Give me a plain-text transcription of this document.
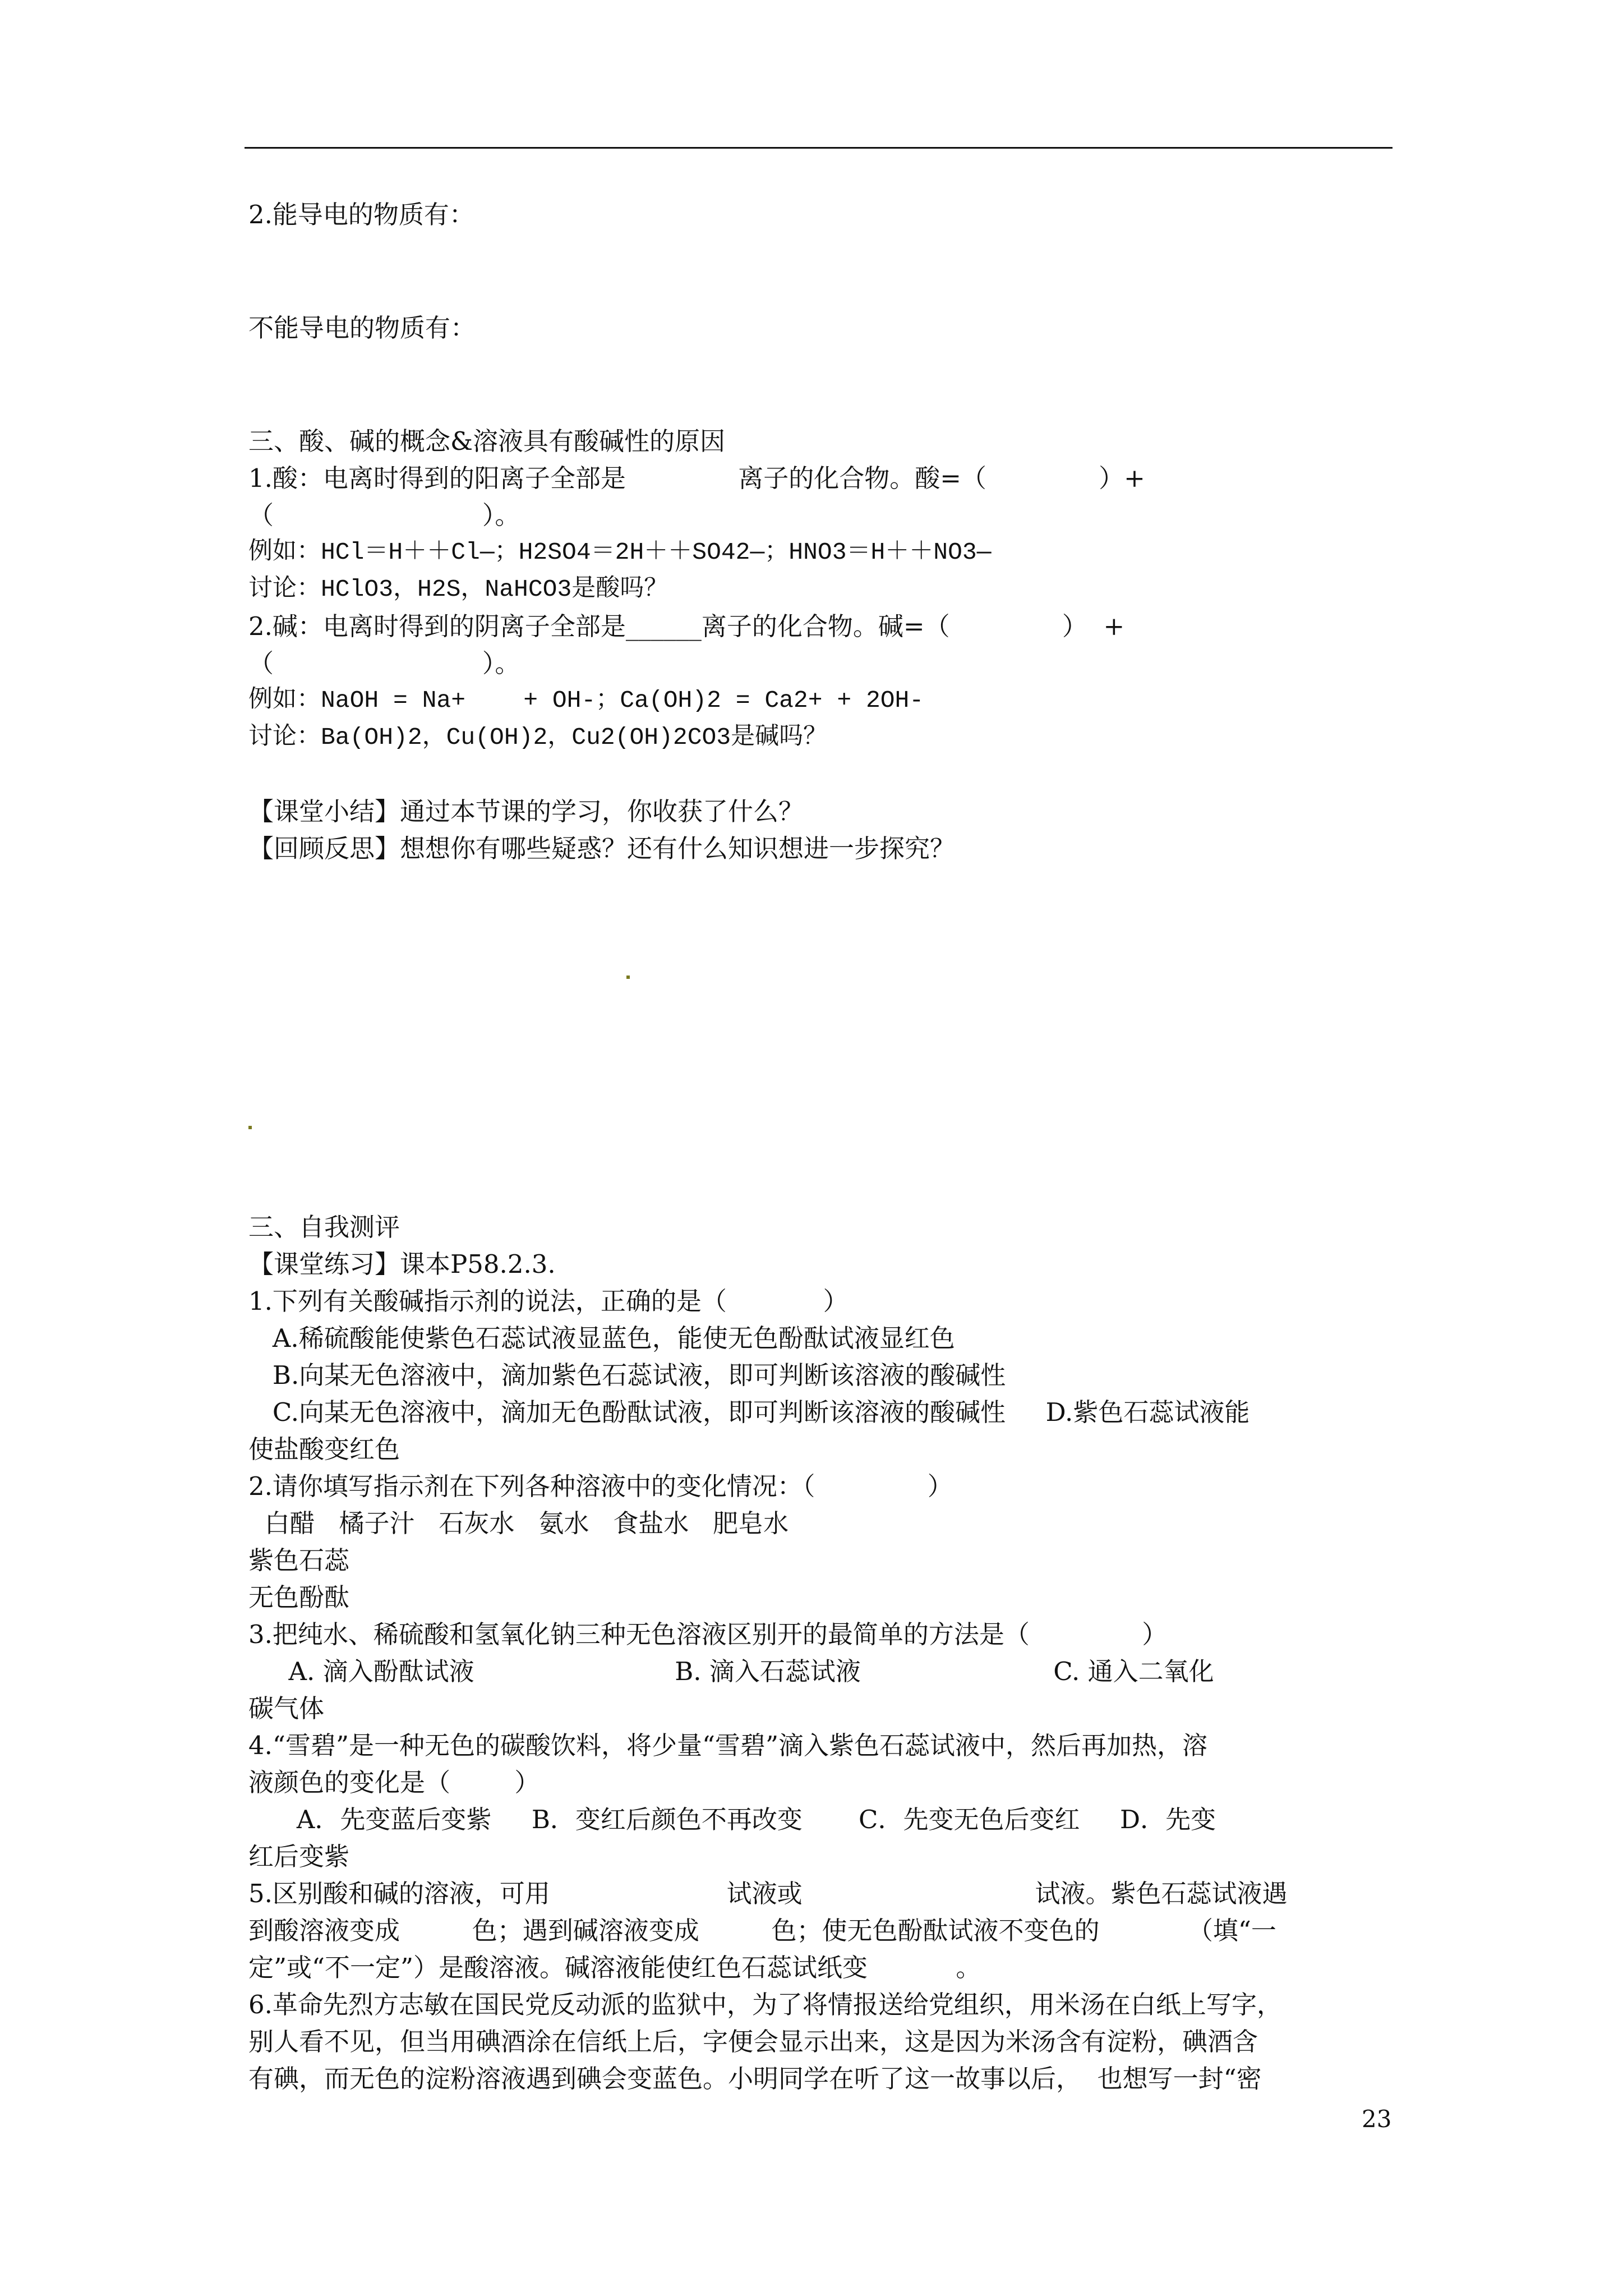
2.能导电的物质有：
不能导电的物质有：
三、酸、碱的概念&溶液具有酸碱性的原因
1.酸：电离时得到的阳离子全部是              离子的化合物。酸=（              ）+
（                          ）。
例如：HCl＝H＋＋Cl—；H2SO4＝2H＋＋SO42—；HNO3＝H＋＋NO3—
讨论：HClO3，H2S，NaHCO3是酸吗？
2.碱：电离时得到的阴离子全部是______离子的化合物。碱=（              ）  +
（                          ）。
例如：NaOH = Na+    + OH-；Ca(OH)2 = Ca2+ + 2OH-
讨论：Ba(OH)2，Cu(OH)2，Cu2(OH)2CO3是碱吗？
【课堂小结】通过本节课的学习，你收获了什么？
【回顾反思】想想你有哪些疑惑？还有什么知识想进一步探究？
三、自我测评
【课堂练习】课本P58.2.3.
1.下列有关酸碱指示剂的说法，正确的是（            ）
A.稀硫酸能使紫色石蕊试液显蓝色，能使无色酚酞试液显红色
B.向某无色溶液中，滴加紫色石蕊试液，即可判断该溶液的酸碱性
C.向某无色溶液中，滴加无色酚酞试液，即可判断该溶液的酸碱性     D.紫色石蕊试液能
使盐酸变红色
2.请你填写指示剂在下列各种溶液中的变化情况：（              ）
白醋   橘子汁   石灰水   氨水   食盐水   肥皂水
紫色石蕊
无色酚酞
3.把纯水、稀硫酸和氢氧化钠三种无色溶液区别开的最简单的方法是（              ）
A. 滴入酚酞试液                         B. 滴入石蕊试液                        C. 通入二氧化
碳气体
4.“雪碧”是一种无色的碳酸饮料，将少量“雪碧”滴入紫色石蕊试液中，然后再加热，溶
液颜色的变化是（        ）
A．先变蓝后变紫     B．变红后颜色不再改变       C．先变无色后变红     D．先变
红后变紫
5.区别酸和碱的溶液，可用                      试液或                             试液。紫色石蕊试液遇
到酸溶液变成         色；遇到碱溶液变成         色；使无色酚酞试液不变色的           （填“一
定”或“不一定”）是酸溶液。碱溶液能使红色石蕊试纸变           。
6.革命先烈方志敏在国民党反动派的监狱中，为了将情报送给党组织，用米汤在白纸上写字，
别人看不见，但当用碘酒涂在信纸上后，字便会显示出来，这是因为米汤含有淀粉，碘酒含
有碘，而无色的淀粉溶液遇到碘会变蓝色。小明同学在听了这一故事以后，  也想写一封“密
23
